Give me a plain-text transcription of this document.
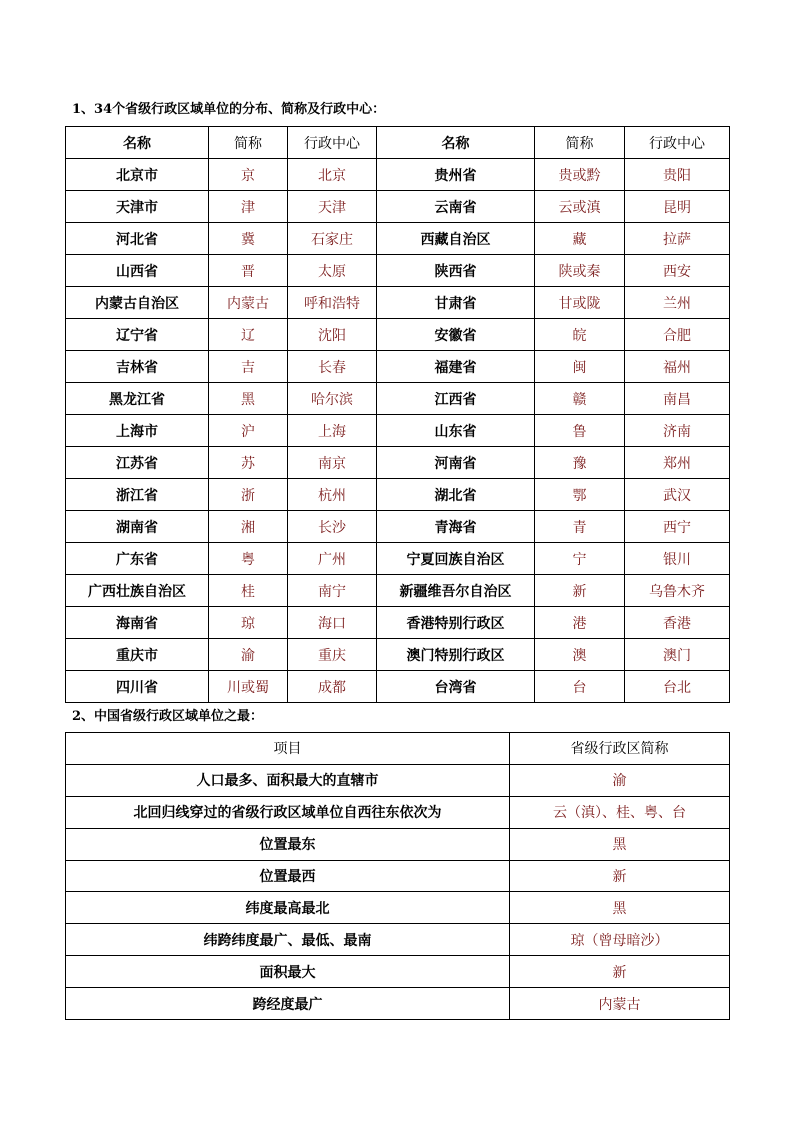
1、34个省级行政区域单位的分布、简称及行政中心：
名称	简称	行政中心	名称	简称	行政中心
北京市	京	北京	贵州省	贵或黔	贵阳
天津市	津	天津	云南省	云或滇	昆明
河北省	冀	石家庄	西藏自治区	藏	拉萨
山西省	晋	太原	陕西省	陕或秦	西安
内蒙古自治区	内蒙古	呼和浩特	甘肃省	甘或陇	兰州
辽宁省	辽	沈阳	安徽省	皖	合肥
吉林省	吉	长春	福建省	闽	福州
黑龙江省	黑	哈尔滨	江西省	赣	南昌
上海市	沪	上海	山东省	鲁	济南
江苏省	苏	南京	河南省	豫	郑州
浙江省	浙	杭州	湖北省	鄂	武汉
湖南省	湘	长沙	青海省	青	西宁
广东省	粤	广州	宁夏回族自治区	宁	银川
广西壮族自治区	桂	南宁	新疆维吾尔自治区	新	乌鲁木齐
海南省	琼	海口	香港特别行政区	港	香港
重庆市	渝	重庆	澳门特别行政区	澳	澳门
四川省	川或蜀	成都	台湾省	台	台北
2、中国省级行政区域单位之最：
项目	省级行政区简称
人口最多、面积最大的直辖市	渝
北回归线穿过的省级行政区域单位自西往东依次为	云（滇）、桂、粤、台
位置最东	黑
位置最西	新
纬度最高最北	黑
纬跨纬度最广、最低、最南	琼（曾母暗沙）
面积最大	新
跨经度最广	内蒙古
